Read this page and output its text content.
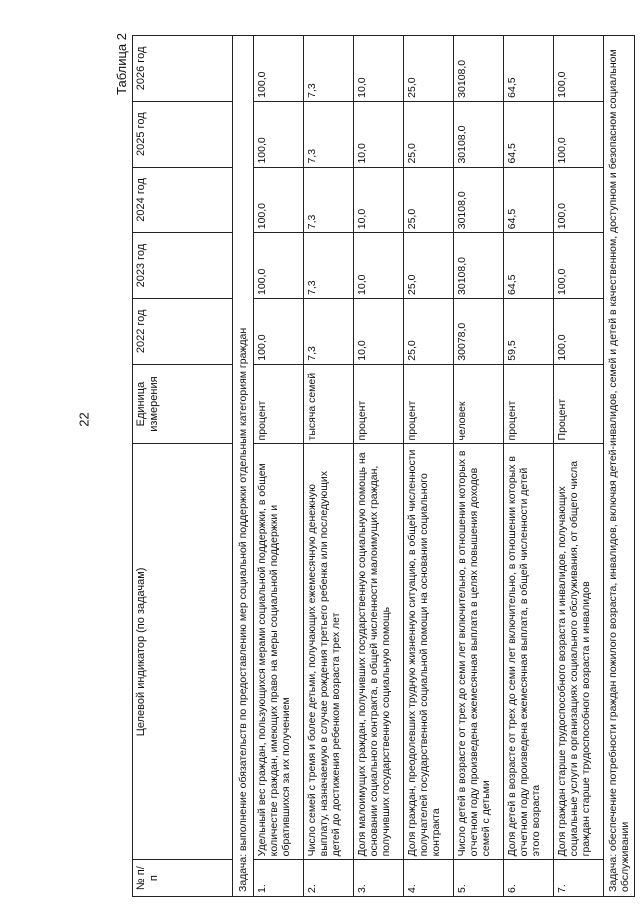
22
Таблица 2
№ п/п	Целевой индикатор (по задачам)	Единица измерения	2022 год	2023 год	2024 год	2025 год	2026 год
Задача: выполнение обязательств по предоставлению мер социальной поддержки отдельным категориям граждан							
1.	Удельный вес граждан, пользующихся мерами социальной поддержки, в общем количестве граждан, имеющих право на меры социальной поддержки и обратившихся за их получением	процент	100,0	100,0	100,0	100,0	100,0
2.	Число семей с тремя и более детьми, получающих ежемесячную денежную выплату, назначаемую в случае рождения третьего ребенка или последующих детей до достижения ребенком возраста трех лет	тысяча семей	7,3	7,3	7,3	7,3	7,3
3.	Доля малоимущих граждан, получивших государственную социальную помощь на основании социального контракта, в общей численности малоимущих граждан, получивших государственную социальную помощь	процент	10,0	10,0	10,0	10,0	10,0
4.	Доля граждан, преодолевших трудную жизненную ситуацию, в общей численности получателей государственной социальной помощи на основании социального контракта	процент	25,0	25,0	25,0	25,0	25,0
5.	Число детей в возрасте от трех до семи лет включительно, в отношении которых в отчетном году произведена ежемесячная выплата в целях повышения доходов семей с детьми	человек	30078,0	30108,0	30108,0	30108,0	30108,0
6.	Доля детей в возрасте от трех до семи лет включительно, в отношении которых в отчетном году произведена ежемесячная выплата, в общей численности детей этого возраста	процент	59,5	64,5	64,5	64,5	64,5
7.	Доля граждан старше трудоспособного возраста и инвалидов, получающих социальные услуги в организациях социального обслуживания, от общего числа граждан старше трудоспособного возраста и инвалидов	Процент	100,0	100,0	100,0	100,0	100,0
Задача: обеспечение потребности граждан пожилого возраста, инвалидов, включая детей-инвалидов, семей и детей в качественном, доступном и безопасном социальном обслуживании							
